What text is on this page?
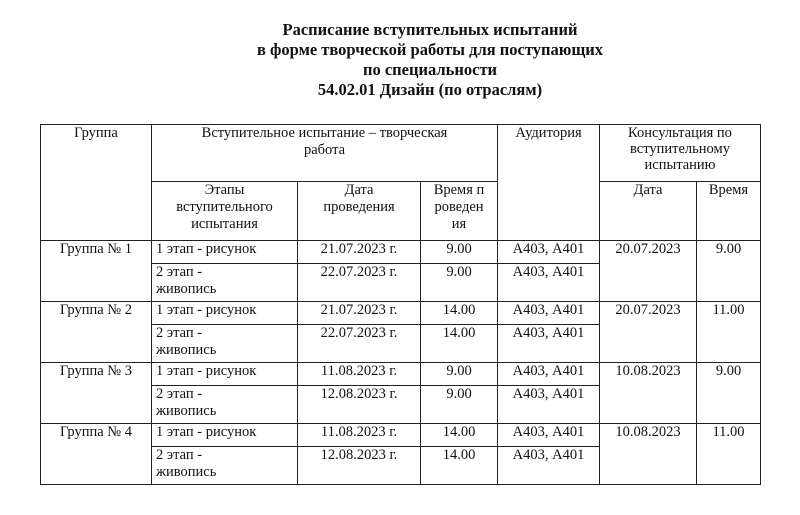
Расписание вступительных испытаний
в форме творческой работы для поступающих
по специальности
54.02.01 Дизайн (по отраслям)
Группа	Вступительное испытание – творческая работа			Аудитория	Консультация по вступительному испытанию	

	Этапы вступительного испытания	Дата проведения	Время проведения		Дата	Время
Группа № 1	1 этап - рисунок	21.07.2023 г.	9.00	А403, А401	20.07.2023	9.00
	2 этап - живопись	22.07.2023 г.	9.00	А403, А401		
Группа № 2	1 этап - рисунок	21.07.2023 г.	14.00	А403, А401	20.07.2023	11.00
	2 этап - живопись	22.07.2023 г.	14.00	А403, А401		
Группа № 3	1 этап - рисунок	11.08.2023 г.	9.00	А403, А401	10.08.2023	9.00
	2 этап - живопись	12.08.2023 г.	9.00	А403, А401		
Группа № 4	1 этап - рисунок	11.08.2023 г.	14.00	А403, А401	10.08.2023	11.00
	2 этап - живопись	12.08.2023 г.	14.00	А403, А401		
